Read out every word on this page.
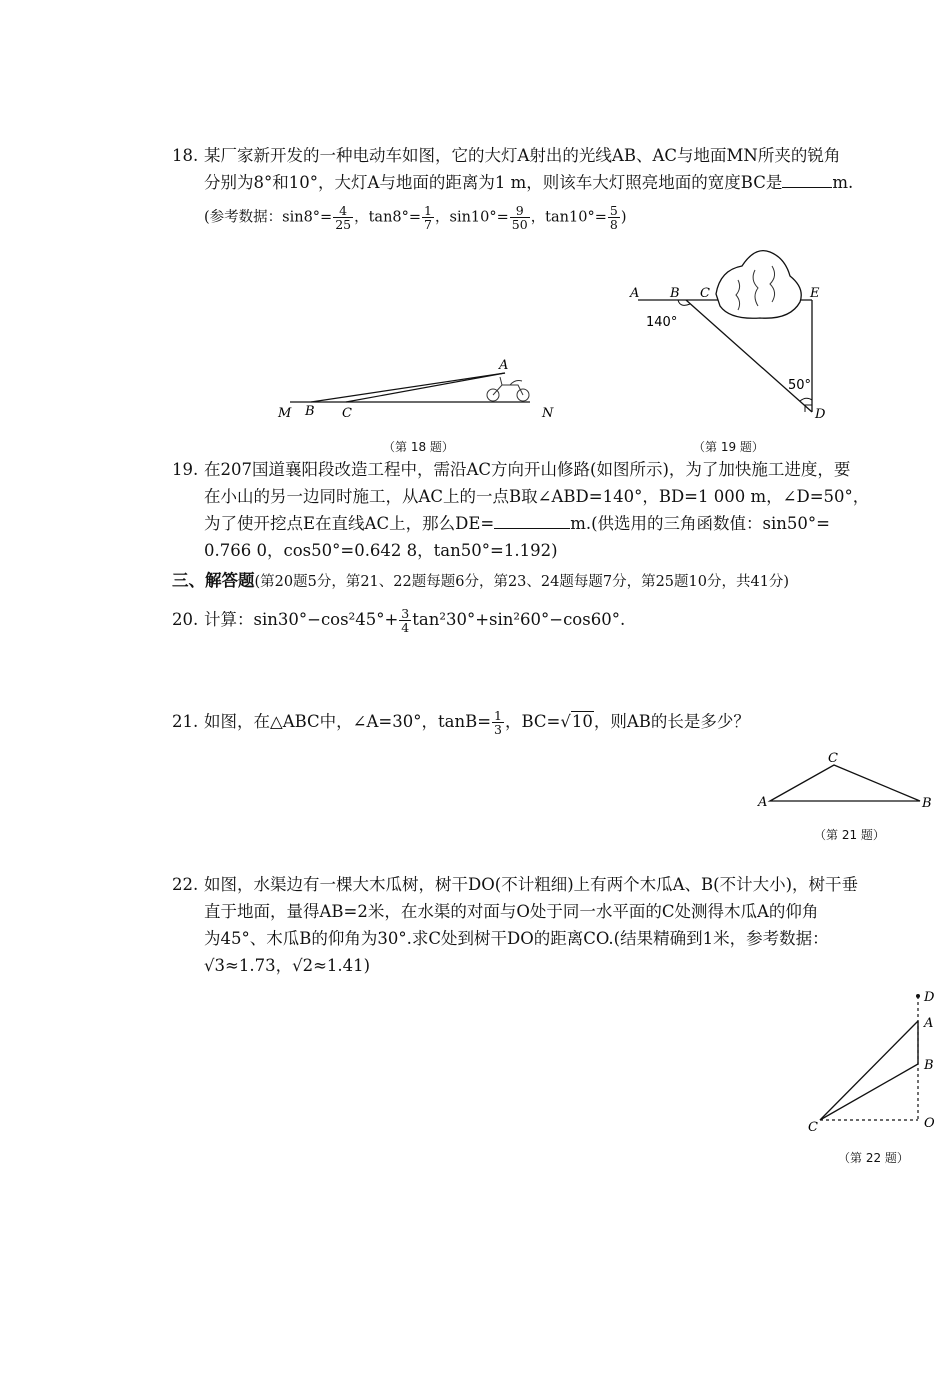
18. 某厂家新开发的一种电动车如图，它的大灯A射出的光线AB、AC与地面MN所夹的锐角
分别为8°和10°，大灯A与地面的距离为1 m，则该车大灯照亮地面的宽度BC是	m.
(参考数据：$\sin 8^\circ= \frac{4}{25}$ ，$\tan 8^\circ= \frac{1}{7}$ ，$\sin 10^\circ= \frac{9}{50}$ ，$\tan 10^\circ= \frac{5}{8}$ )
A
M B C	N
（第 18 题）
A B C	E
D
140°
50°
（第 19 题）
19. 在207国道襄阳段改造工程中，需沿AC方向开山修路(如图所示)，为了加快施工进度，要
在小山的另一边同时施工，从AC上的一点B取∠ABD=140°，BD=1 000 m，∠D=50°，
为了使开挖点E在直线AC上，那么DE=	m.(供选用的三角函数值：sin50°=
0.766 0，cos50°=0.642 8，tan50°=1.192)
三、解答题(第20题5分，第21、22题每题6分，第23、24题每题7分，第25题10分，共41分)
20. 计算：$\sin 30^\circ-\cos^245^\circ+ \frac{3}{4} \tan^230^\circ+\sin^260^\circ-\cos 60^\circ$.
21. 如图，在△ABC中，∠A=30°，$\tan B= \frac{1}{3}$ ，BC=√10，则AB的长是多少？
A	B
C
（第 21 题）
22. 如图，水渠边有一棵大木瓜树，树干DO(不计粗细)上有两个木瓜A、B(不计大小)，树干垂
直于地面，量得AB=2米，在水渠的对面与O处于同一水平面的C处测得木瓜A的仰角
为45°、木瓜B的仰角为30°.求C处到树干DO的距离CO.(结果精确到1米，参考数据：
√3≈1.73，√2≈1.41)
D
A
B
C	O
（第 22 题）
